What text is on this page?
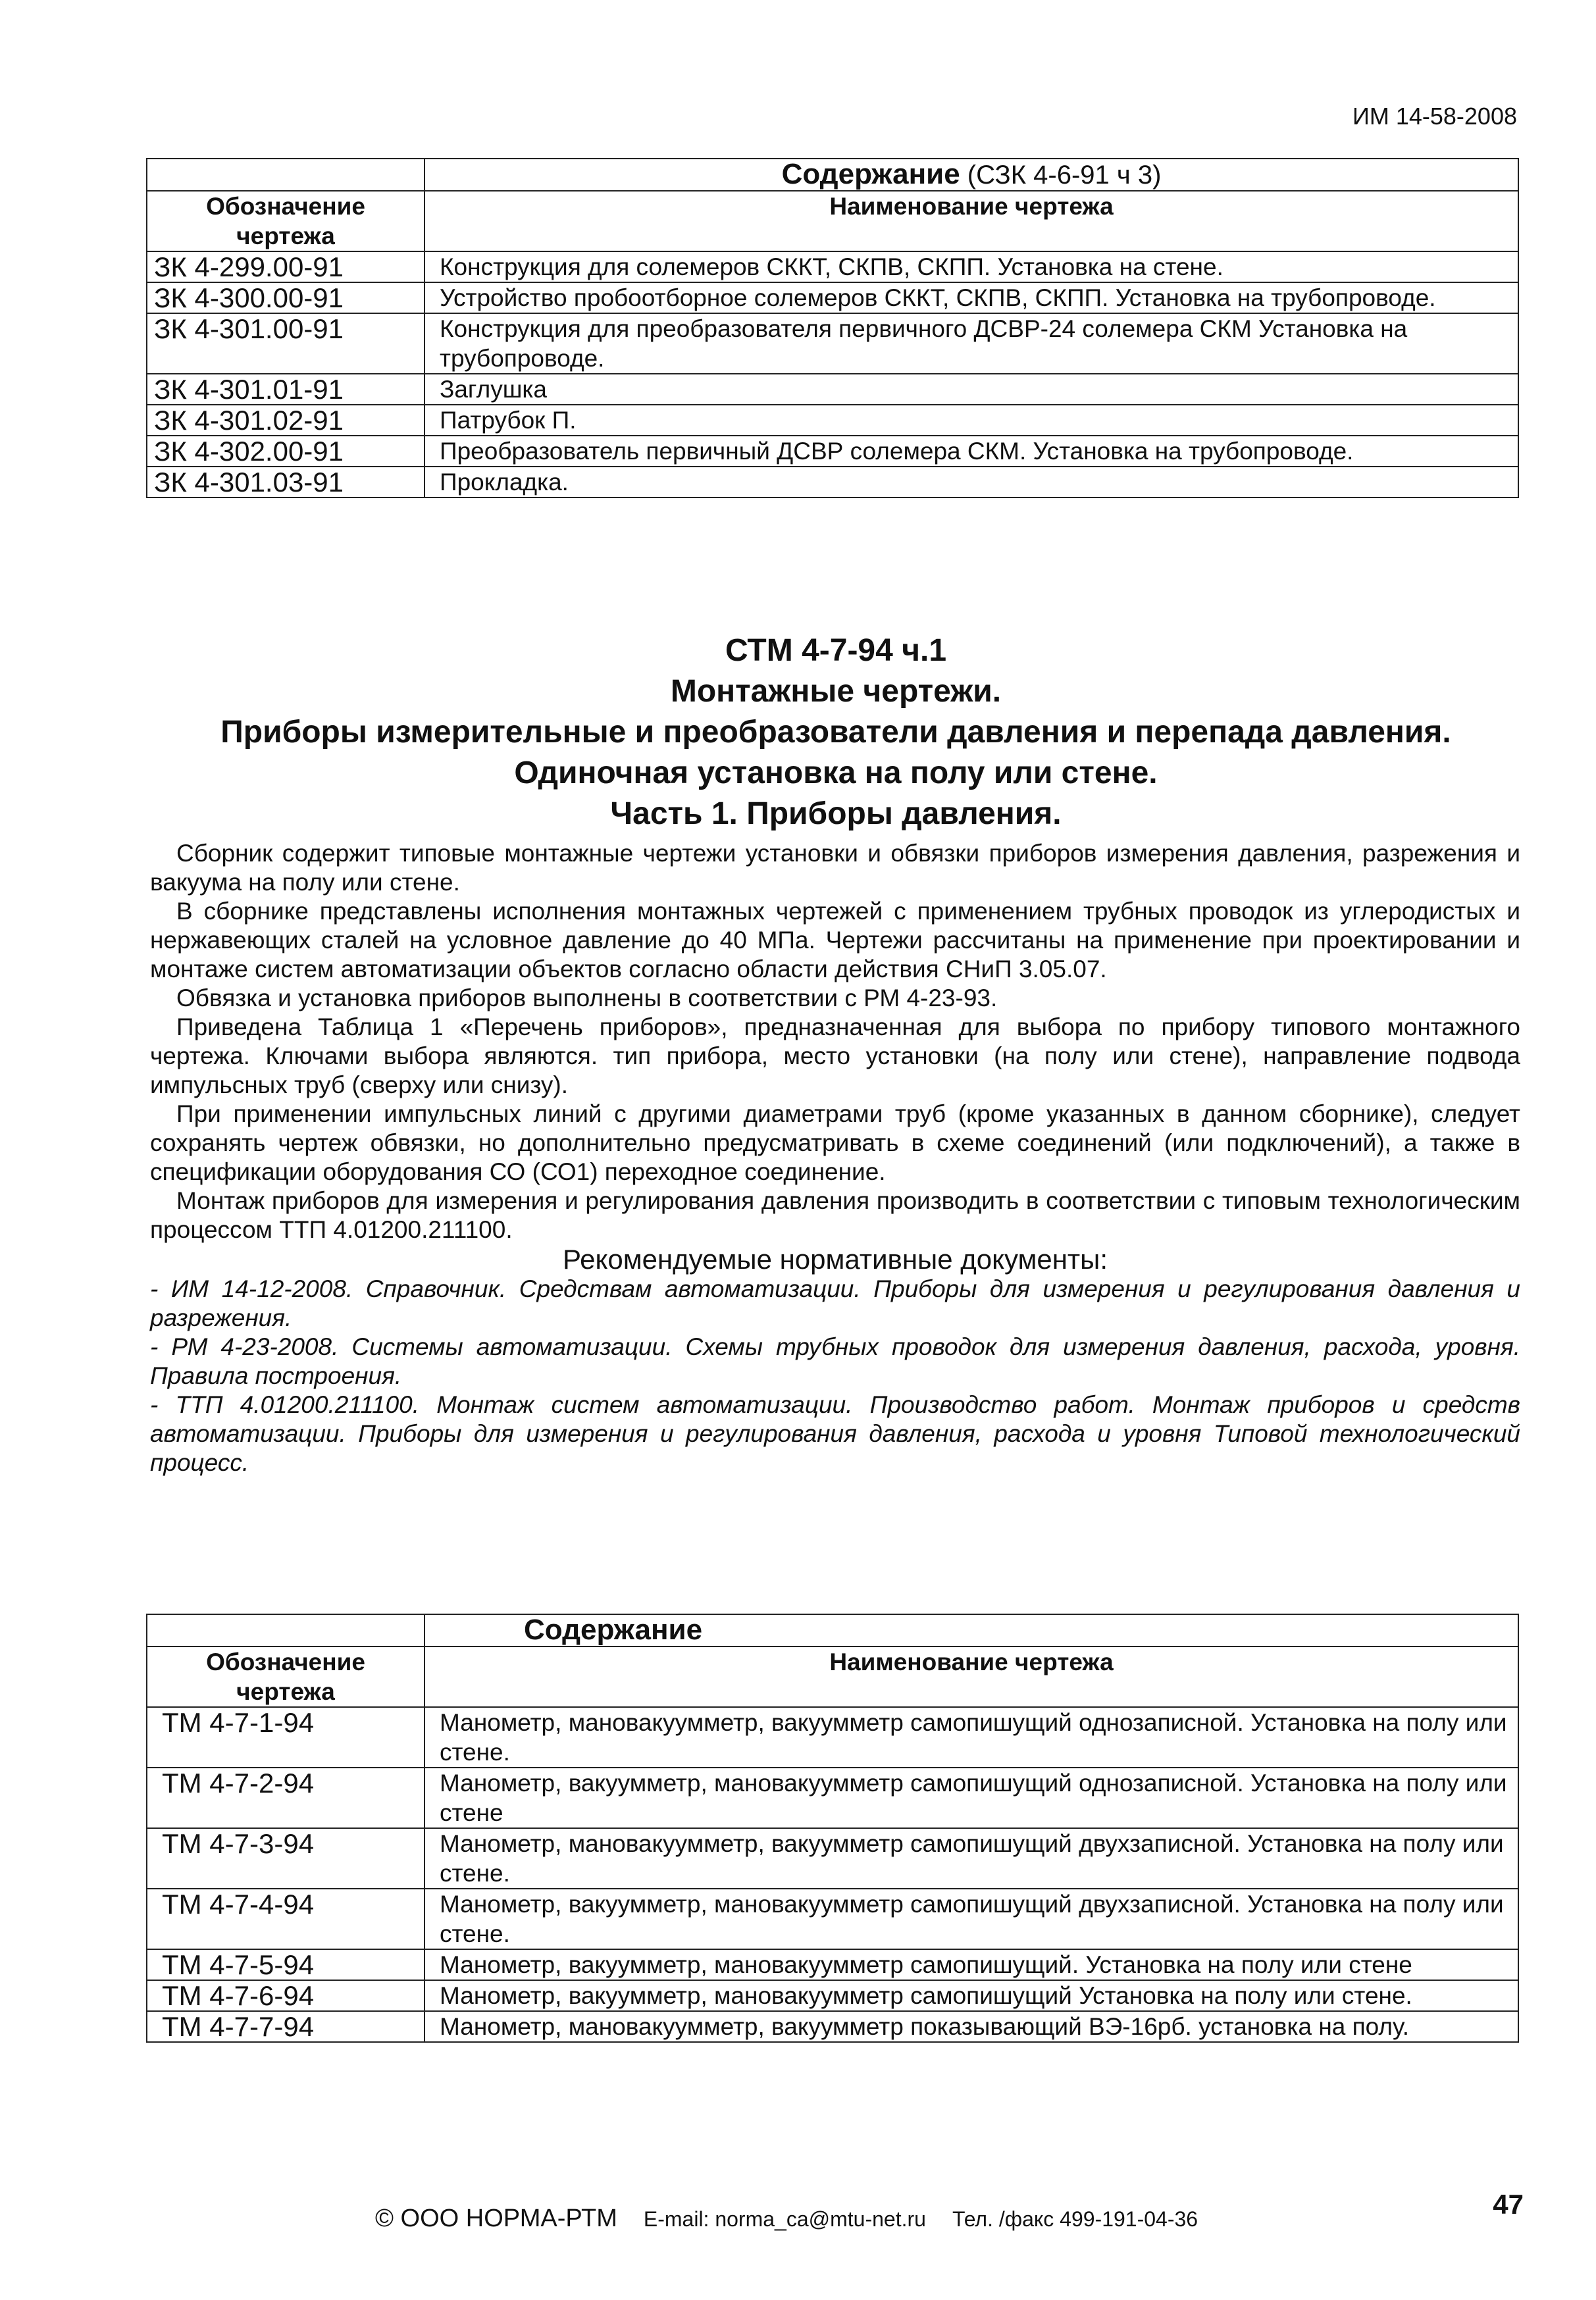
ИМ 14-58-2008
	Содержание (СЗК 4-6-91 ч 3)
Обозначение чертежа	Наименование чертежа
ЗК 4-299.00-91	Конструкция для солемеров СККТ, СКПВ, СКПП. Установка на стене.
ЗК 4-300.00-91	Устройство пробоотборное солемеров СККТ, СКПВ, СКПП. Установка на трубопроводе.
ЗК 4-301.00-91	Конструкция для преобразователя первичного ДСВР-24 солемера СКМ Установка на трубопроводе.
ЗК 4-301.01-91	Заглушка
ЗК 4-301.02-91	Патрубок П.
ЗК 4-302.00-91	Преобразователь первичный ДСВР солемера СКМ. Установка на трубопроводе.
ЗК 4-301.03-91	Прокладка.
СТМ 4-7-94 ч.1
Монтажные чертежи.
Приборы измерительные и преобразователи давления и перепада давления.
Одиночная установка на полу или стене.
Часть 1. Приборы давления.

Сборник содержит типовые монтажные чертежи установки и обвязки приборов измерения давления, разрежения и вакуума на полу или стене.

В сборнике представлены исполнения монтажных чертежей с применением трубных проводок из углеродистых и нержавеющих сталей на условное давление до 40 МПа. Чертежи рассчитаны на применение при проектировании и монтаже систем автоматизации объектов согласно области действия СНиП 3.05.07.

Обвязка и установка приборов выполнены в соответствии с РМ 4-23-93.

Приведена Таблица 1 «Перечень приборов», предназначенная для выбора по прибору типового монтажного чертежа. Ключами выбора являются. тип прибора, место установки (на полу или стене), направление подвода импульсных труб (сверху или снизу).

При применении импульсных линий с другими диаметрами труб (кроме указанных в данном сборнике), следует сохранять чертеж обвязки, но дополнительно предусматривать в схеме соединений (или подключений), а также в спецификации оборудования СО (СО1) переходное соединение.

Монтаж приборов для измерения и регулирования давления производить в соответствии с типовым технологическим процессом ТТП 4.01200.211100.

Рекомендуемые нормативные документы:

- ИМ 14-12-2008. Справочник. Средствам автоматизации. Приборы для измерения и регулирования давления и разрежения.

- РМ 4-23-2008. Системы автоматизации. Схемы трубных проводок для измерения давления, расхода, уровня. Правила построения.

- ТТП 4.01200.211100. Монтаж систем автоматизации. Производство работ. Монтаж приборов и средств автоматизации. Приборы для измерения и регулирования давления, расхода и уровня Типовой технологический процесс.

	Содержание
Обозначение чертежа	Наименование чертежа
ТМ 4-7-1-94	Манометр, мановакуумметр, вакуумметр самопишущий однозаписной. Установка на полу или стене.
ТМ 4-7-2-94	Манометр, вакуумметр, мановакуумметр самопишущий однозаписной. Установка на полу или стене
ТМ 4-7-3-94	Манометр, мановакуумметр, вакуумметр самопишущий двухзаписной. Установка на полу или стене.
ТМ 4-7-4-94	Манометр, вакуумметр, мановакуумметр самопишущий двухзаписной. Установка на полу или стене.
ТМ 4-7-5-94	Манометр, вакуумметр, мановакуумметр самопишущий. Установка на полу или стене
ТМ 4-7-6-94	Манометр, вакуумметр, мановакуумметр самопишущий Установка на полу или стене.
ТМ 4-7-7-94	Манометр, мановакуумметр, вакуумметр показывающий ВЭ-16рб. установка на полу.
© ООО НОРМА-РТМ E-mail: norma_ca@mtu-net.ru Тел. /факс 499-191-04-36	47
